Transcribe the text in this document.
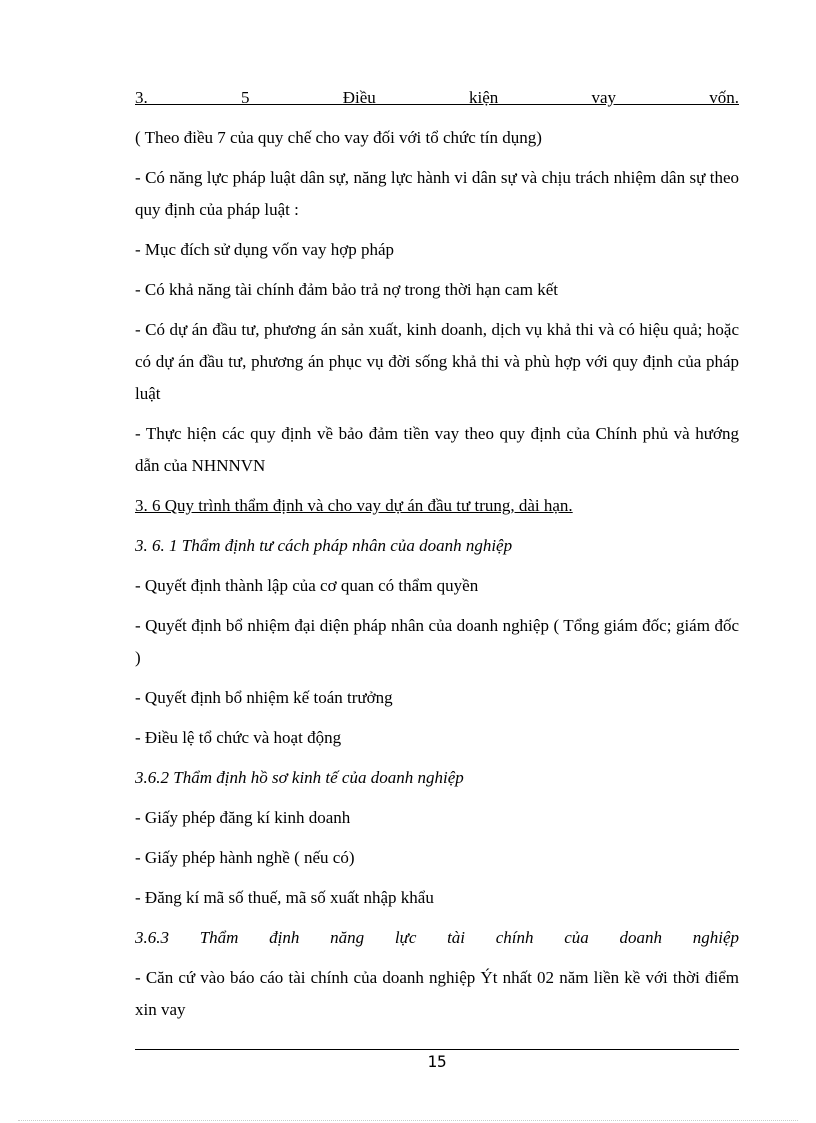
3. 5 Điều kiện vay vốn.

( Theo điều 7 của quy chế cho vay đối với tổ chức tín dụng)

- Có năng lực pháp luật dân sự, năng lực hành vi dân sự và chịu trách nhiệm dân sự theo quy định của pháp luật :

- Mục đích sử dụng vốn vay hợp pháp

- Có khả năng tài chính đảm bảo trả nợ trong thời hạn cam kết

- Có dự án đầu tư, phương án sản xuất, kinh doanh, dịch vụ khả thi và có hiệu quả; hoặc có dự án đầu tư, phương án phục vụ đời sống khả thi và phù hợp với quy định của pháp luật

- Thực hiện các quy định về bảo đảm tiền vay theo quy định của Chính phủ và hướng dẫn của NHNNVN

3. 6 Quy trình thẩm định và cho vay dự án đầu tư trung, dài hạn.

3. 6. 1 Thẩm định tư cách pháp nhân của doanh nghiệp

- Quyết định thành lập của cơ quan có thẩm quyền

- Quyết định bổ nhiệm đại diện pháp nhân của doanh nghiệp ( Tổng giám đốc; giám đốc )

- Quyết định bổ nhiệm kế toán trưởng

- Điều lệ tổ chức và hoạt động

3.6.2 Thẩm định hồ sơ kinh tế của doanh nghiệp

- Giấy phép đăng kí kinh doanh

- Giấy phép hành nghề ( nếu có)

- Đăng kí mã số thuế, mã số xuất nhập khẩu

3.6.3 Thẩm định năng lực tài chính của doanh nghiệp

- Căn cứ vào báo cáo tài chính của doanh nghiệp Ýt nhất 02 năm liền kề với thời điểm xin vay

15
